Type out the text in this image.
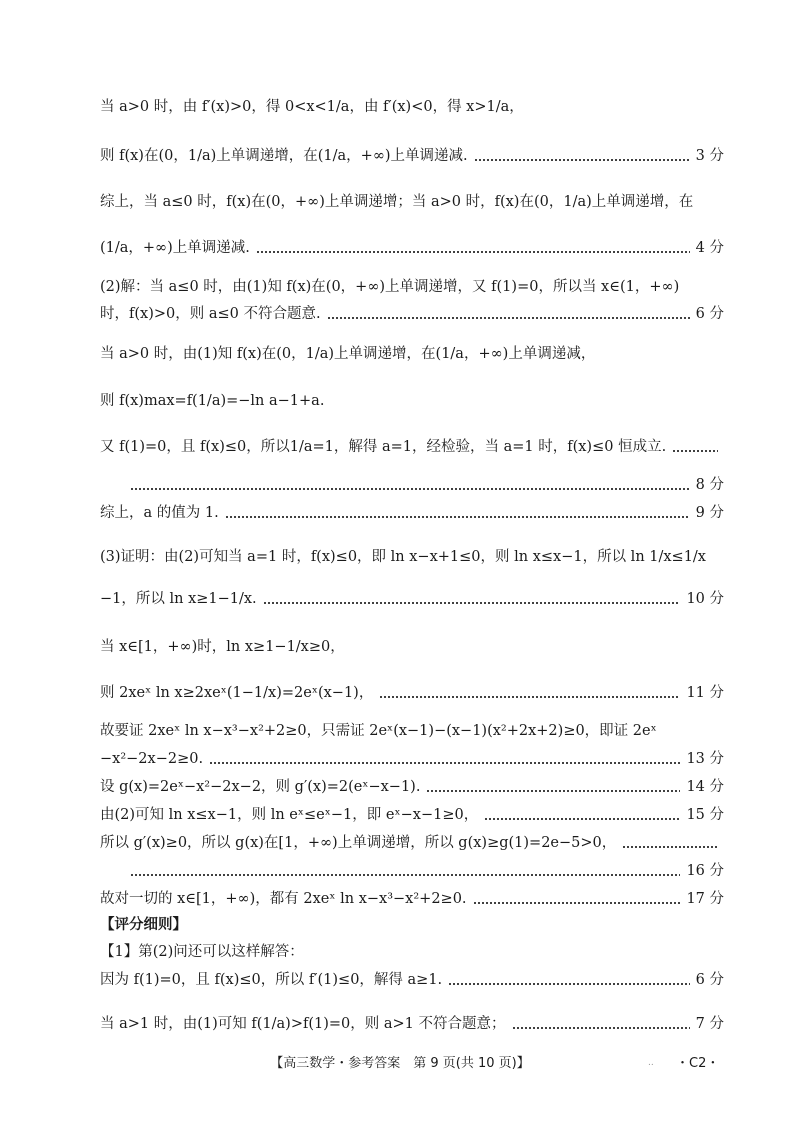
当 a>0 时，由 f′(x)>0，得 0<x<1/a，由 f′(x)<0，得 x>1/a，
则 f(x)在(0，1/a)上单调递增，在(1/a，+∞)上单调递减.	3 分
综上，当 a≤0 时，f(x)在(0，+∞)上单调递增；当 a>0 时，f(x)在(0，1/a)上单调递增，在
(1/a，+∞)上单调递减.	4 分
(2)解：当 a≤0 时，由(1)知 f(x)在(0，+∞)上单调递增，又 f(1)=0，所以当 x∈(1，+∞)
时，f(x)>0，则 a≤0 不符合题意.	6 分
当 a>0 时，由(1)知 f(x)在(0，1/a)上单调递增，在(1/a，+∞)上单调递减，
则 f(x)max=f(1/a)=−ln a−1+a.
又 f(1)=0，且 f(x)≤0，所以1/a=1，解得 a=1，经检验，当 a=1 时，f(x)≤0 恒成立.
8 分
综上，a 的值为 1.	9 分
(3)证明：由(2)可知当 a=1 时，f(x)≤0，即 ln x−x+1≤0，则 ln x≤x−1，所以 ln 1/x≤1/x
−1，所以 ln x≥1−1/x.	10 分
当 x∈[1，+∞)时，ln x≥1−1/x≥0，
则 2xeˣ ln x≥2xeˣ(1−1/x)=2eˣ(x−1)，	11 分
故要证 2xeˣ ln x−x³−x²+2≥0，只需证 2eˣ(x−1)−(x−1)(x²+2x+2)≥0，即证 2eˣ
−x²−2x−2≥0.	13 分
设 g(x)=2eˣ−x²−2x−2，则 g′(x)=2(eˣ−x−1).	14 分
由(2)可知 ln x≤x−1，则 ln eˣ≤eˣ−1，即 eˣ−x−1≥0，	15 分
所以 g′(x)≥0，所以 g(x)在[1，+∞)上单调递增，所以 g(x)≥g(1)=2e−5>0，
16 分
故对一切的 x∈[1，+∞)，都有 2xeˣ ln x−x³−x²+2≥0.	17 分
【评分细则】
【1】第(2)问还可以这样解答：
因为 f(1)=0，且 f(x)≤0，所以 f′(1)≤0，解得 a≥1.	6 分
当 a>1 时，由(1)可知 f(1/a)>f(1)=0，则 a>1 不符合题意；	7 分
【高三数学・参考答案　第 9 页(共 10 页)】	.. ・C2・
